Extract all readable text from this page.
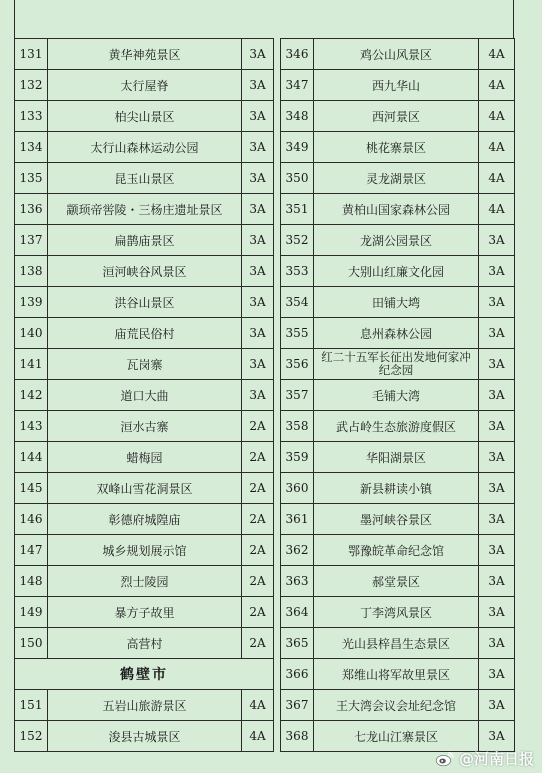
131	黄华神苑景区	3A		346	鸡公山风景区	4A
132	太行屋脊	3A		347	西九华山	4A
133	柏尖山景区	3A		348	西河景区	4A
134	太行山森林运动公园	3A		349	桃花寨景区	4A
135	昆玉山景区	3A		350	灵龙湖景区	4A
136	颛顼帝喾陵・三杨庄遗址景区	3A		351	黄柏山国家森林公园	4A
137	扁鹊庙景区	3A		352	龙湖公园景区	3A
138	洹河峡谷风景区	3A		353	大别山红廉文化园	3A
139	洪谷山景区	3A		354	田铺大塆	3A
140	庙荒民俗村	3A		355	息州森林公园	3A
141	瓦岗寨	3A		356	红二十五军长征出发地何家冲纪念园	3A
142	道口大曲	3A		357	毛铺大湾	3A
143	洹水古寨	2A		358	武占岭生态旅游度假区	3A
144	蜡梅园	2A		359	华阳湖景区	3A
145	双峰山雪花洞景区	2A		360	新县耕读小镇	3A
146	彰德府城隍庙	2A		361	墨河峡谷景区	3A
147	城乡规划展示馆	2A		362	鄂豫皖革命纪念馆	3A
148	烈士陵园	2A		363	郝堂景区	3A
149	暴方子故里	2A		364	丁李湾风景区	3A
150	高营村	2A		365	光山县梓昌生态景区	3A
鹤壁市				366	郑维山将军故里景区	3A
151	五岩山旅游景区	4A		367	王大湾会议会址纪念馆	3A
152	浚县古城景区	4A		368	七龙山江寨景区	3A
@河南日报
